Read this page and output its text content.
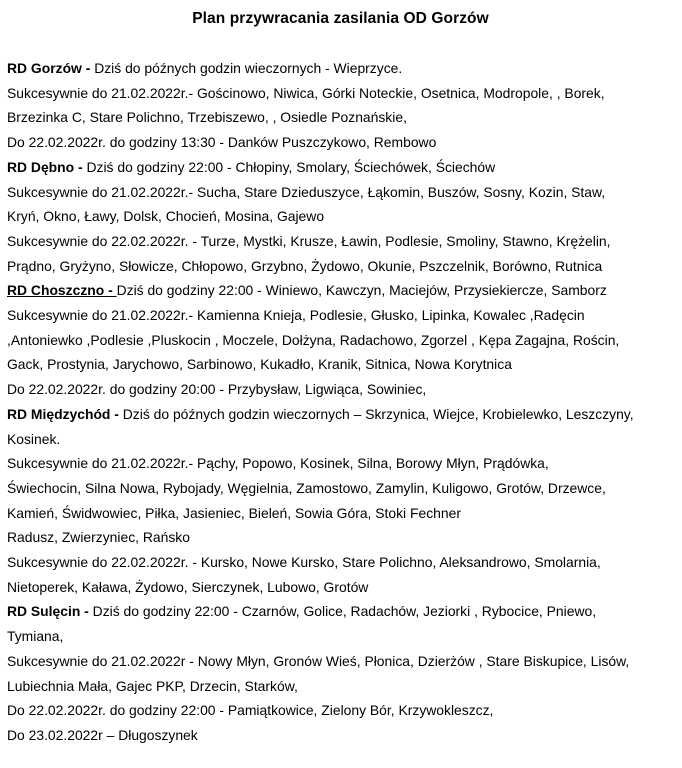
Plan przywracania zasilania OD Gorzów
RD Gorzów - Dziś do późnych godzin wieczornych - Wieprzyce.
Sukcesywnie do 21.02.2022r.- Gościnowo, Niwica, Górki Noteckie, Osetnica, Modropole, , Borek,
Brzezinka C, Stare Polichno, Trzebiszewo, , Osiedle Poznańskie,
Do 22.02.2022r. do godziny 13:30 - Danków Puszczykowo, Rembowo
RD Dębno - Dziś do godziny 22:00 - Chłopiny, Smolary, Ściechówek, Ściechów
Sukcesywnie do 21.02.2022r.- Sucha, Stare Dzieduszyce, Łąkomin, Buszów, Sosny, Kozin, Staw,
Kryń, Okno, Ławy, Dolsk, Chocień, Mosina, Gajewo
Sukcesywnie do 22.02.2022r. - Turze, Mystki, Krusze, Ławin, Podlesie, Smoliny, Stawno, Krężelin,
Prądno, Gryżyno, Słowicze, Chłopowo, Grzybno, Żydowo, Okunie, Pszczelnik, Borówno, Rutnica
RD Choszczno - Dziś do godziny 22:00 - Winiewo, Kawczyn, Maciejów, Przysiekiercze, Samborz
Sukcesywnie do 21.02.2022r.- Kamienna Knieja, Podlesie, Głusko, Lipinka, Kowalec ,Radęcin
,Antoniewko ,Podlesie ,Pluskocin , Moczele, Dołżyna, Radachowo, Zgorzel , Kępa Zagajna, Rościn,
Gack, Prostynia, Jarychowo, Sarbinowo, Kukadło, Kranik, Sitnica, Nowa Korytnica
Do 22.02.2022r. do godziny 20:00 - Przybysław, Ligwiąca, Sowiniec,
RD Międzychód - Dziś do późnych godzin wieczornych – Skrzynica, Wiejce, Krobielewko, Leszczyny,
Kosinek.
Sukcesywnie do 21.02.2022r.- Pąchy, Popowo, Kosinek, Silna, Borowy Młyn, Prądówka,
Świechocin, Silna Nowa, Rybojady, Węgielnia, Zamostowo, Zamylin, Kuligowo, Grotów, Drzewce,
Kamień, Świdwowiec, Piłka, Jasieniec, Bieleń, Sowia Góra, Stoki Fechner
Radusz, Zwierzyniec, Rańsko
Sukcesywnie do 22.02.2022r. - Kursko, Nowe Kursko, Stare Polichno, Aleksandrowo, Smolarnia,
Nietoperek, Kaława, Żydowo, Sierczynek, Lubowo, Grotów
RD Sulęcin - Dziś do godziny 22:00 - Czarnów, Golice, Radachów, Jeziorki , Rybocice, Pniewo,
Tymiana,
Sukcesywnie do 21.02.2022r - Nowy Młyn, Gronów Wieś, Płonica, Dzierżów , Stare Biskupice, Lisów,
Lubiechnia Mała, Gajec PKP, Drzecin, Starków,
Do 22.02.2022r. do godziny 22:00 - Pamiątkowice, Zielony Bór, Krzywokleszcz,
Do 23.02.2022r – Długoszynek
